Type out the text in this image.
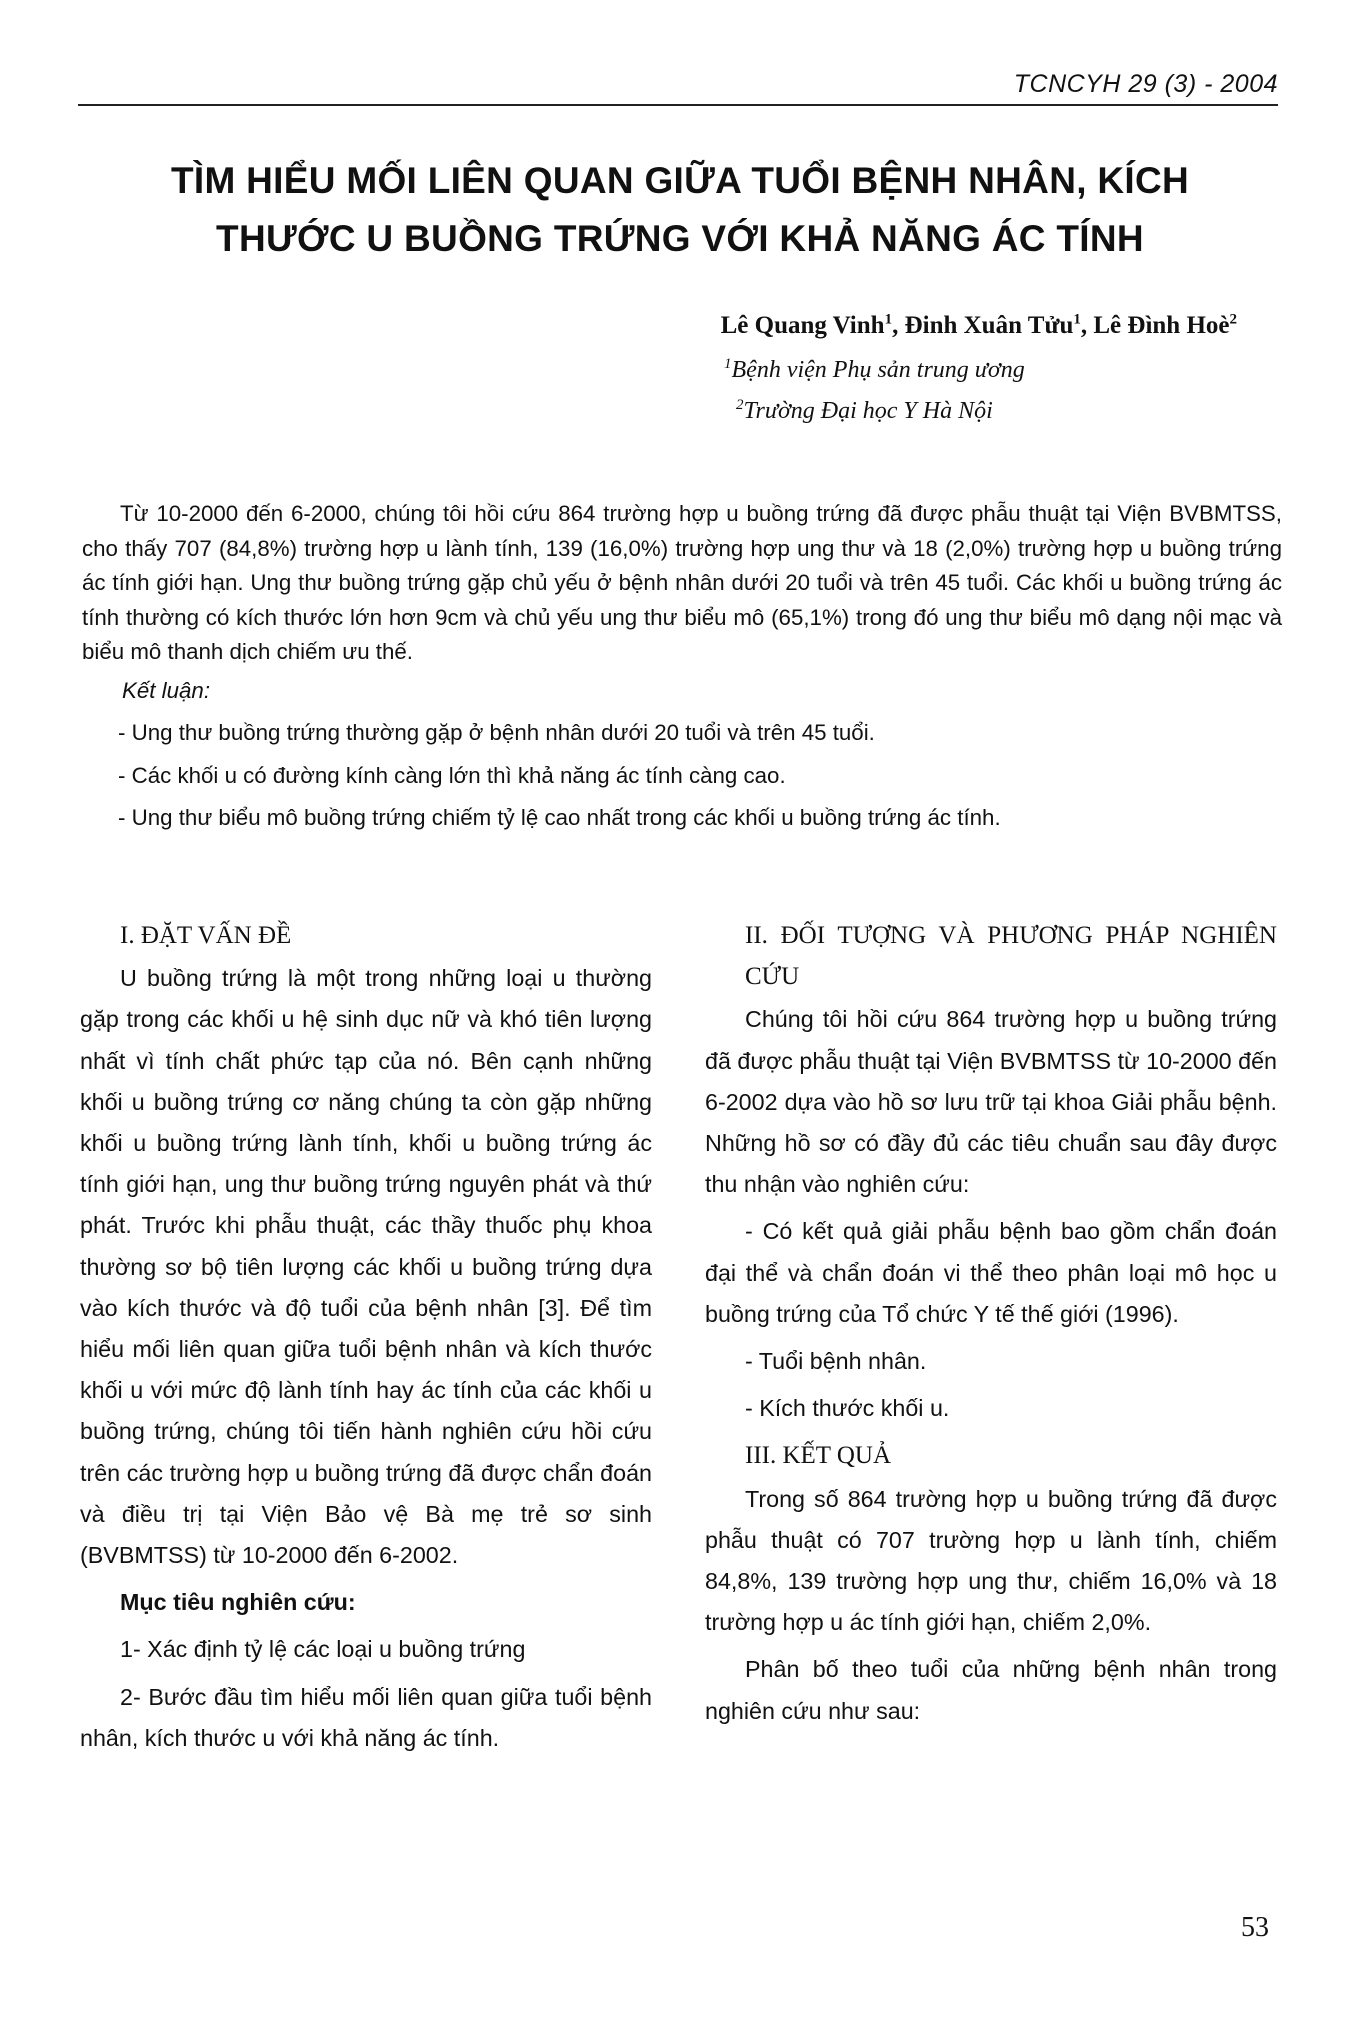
TCNCYH 29 (3) - 2004
TÌM HIỂU MỐI LIÊN QUAN GIỮA TUỔI BỆNH NHÂN, KÍCH THƯỚC U BUỒNG TRỨNG VỚI KHẢ NĂNG ÁC TÍNH
Lê Quang Vinh$^1$, Đinh Xuân Tửu$^1$, Lê Đình Hoè$^2$
$^1$Bệnh viện Phụ sản trung ương
$^2$Trường Đại học Y Hà Nội

Từ 10-2000 đến 6-2000, chúng tôi hồi cứu 864 trường hợp u buồng trứng đã được phẫu thuật tại Viện BVBMTSS, cho thấy 707 (84,8%) trường hợp u lành tính, 139 (16,0%) trường hợp ung thư và 18 (2,0%) trường hợp u buồng trứng ác tính giới hạn. Ung thư buồng trứng gặp chủ yếu ở bệnh nhân dưới 20 tuổi và trên 45 tuổi. Các khối u buồng trứng ác tính thường có kích thước lớn hơn 9cm và chủ yếu ung thư biểu mô (65,1%) trong đó ung thư biểu mô dạng nội mạc và biểu mô thanh dịch chiếm ưu thế.

Kết luận:

- Ung thư buồng trứng thường gặp ở bệnh nhân dưới 20 tuổi và trên 45 tuổi.

- Các khối u có đường kính càng lớn thì khả năng ác tính càng cao.

- Ung thư biểu mô buồng trứng chiếm tỷ lệ cao nhất trong các khối u buồng trứng ác tính.

I. ĐẶT VẤN ĐỀ

U buồng trứng là một trong những loại u thường gặp trong các khối u hệ sinh dục nữ và khó tiên lượng nhất vì tính chất phức tạp của nó. Bên cạnh những khối u buồng trứng cơ năng chúng ta còn gặp những khối u buồng trứng lành tính, khối u buồng trứng ác tính giới hạn, ung thư buồng trứng nguyên phát và thứ phát. Trước khi phẫu thuật, các thầy thuốc phụ khoa thường sơ bộ tiên lượng các khối u buồng trứng dựa vào kích thước và độ tuổi của bệnh nhân [3]. Để tìm hiểu mối liên quan giữa tuổi bệnh nhân và kích thước khối u với mức độ lành tính hay ác tính của các khối u buồng trứng, chúng tôi tiến hành nghiên cứu hồi cứu trên các trường hợp u buồng trứng đã được chẩn đoán và điều trị tại Viện Bảo vệ Bà mẹ trẻ sơ sinh (BVBMTSS) từ 10-2000 đến 6-2002.

Mục tiêu nghiên cứu:

1- Xác định tỷ lệ các loại u buồng trứng

2- Bước đầu tìm hiểu mối liên quan giữa tuổi bệnh nhân, kích thước u với khả năng ác tính.

II. ĐỐI TƯỢNG VÀ PHƯƠNG PHÁP NGHIÊN CỨU

Chúng tôi hồi cứu 864 trường hợp u buồng trứng đã được phẫu thuật tại Viện BVBMTSS từ 10-2000 đến 6-2002 dựa vào hồ sơ lưu trữ tại khoa Giải phẫu bệnh. Những hồ sơ có đầy đủ các tiêu chuẩn sau đây được thu nhận vào nghiên cứu:

- Có kết quả giải phẫu bệnh bao gồm chẩn đoán đại thể và chẩn đoán vi thể theo phân loại mô học u buồng trứng của Tổ chức Y tế thế giới (1996).

- Tuổi bệnh nhân.

- Kích thước khối u.

III. KẾT QUẢ

Trong số 864 trường hợp u buồng trứng đã được phẫu thuật có 707 trường hợp u lành tính, chiếm 84,8%, 139 trường hợp ung thư, chiếm 16,0% và 18 trường hợp u ác tính giới hạn, chiếm 2,0%.

Phân bố theo tuổi của những bệnh nhân trong nghiên cứu như sau:

53
